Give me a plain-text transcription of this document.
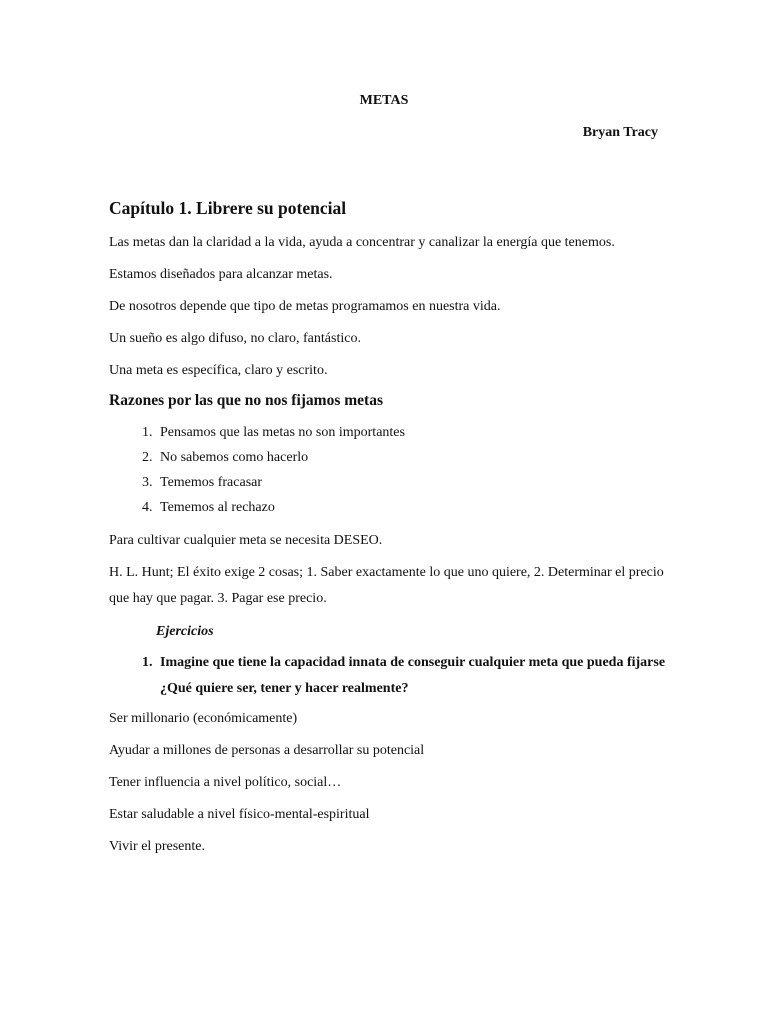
METAS

Bryan Tracy

Capítulo 1. Librere su potencial

Las metas dan la claridad a la vida, ayuda a concentrar y canalizar la energía que tenemos.

Estamos diseñados para alcanzar metas.

De nosotros depende que tipo de metas programamos en nuestra vida.

Un sueño es algo difuso, no claro, fantástico.

Una meta es específica, claro y escrito.

Razones por las que no nos fijamos metas
1. Pensamos que las metas no son importantes
2. No sabemos como hacerlo
3. Tememos fracasar
4. Tememos al rechazo

Para cultivar cualquier meta se necesita DESEO.

H. L. Hunt; El éxito exige 2 cosas; 1. Saber exactamente lo que uno quiere, 2. Determinar el precio que hay que pagar. 3. Pagar ese precio.

Ejercicios

1. Imagine que tiene la capacidad innata de conseguir cualquier meta que pueda fijarse ¿Qué quiere ser, tener y hacer realmente?

Ser millonario (económicamente)

Ayudar a millones de personas a desarrollar su potencial

Tener influencia a nivel político, social…

Estar saludable a nivel físico-mental-espiritual

Vivir el presente.
